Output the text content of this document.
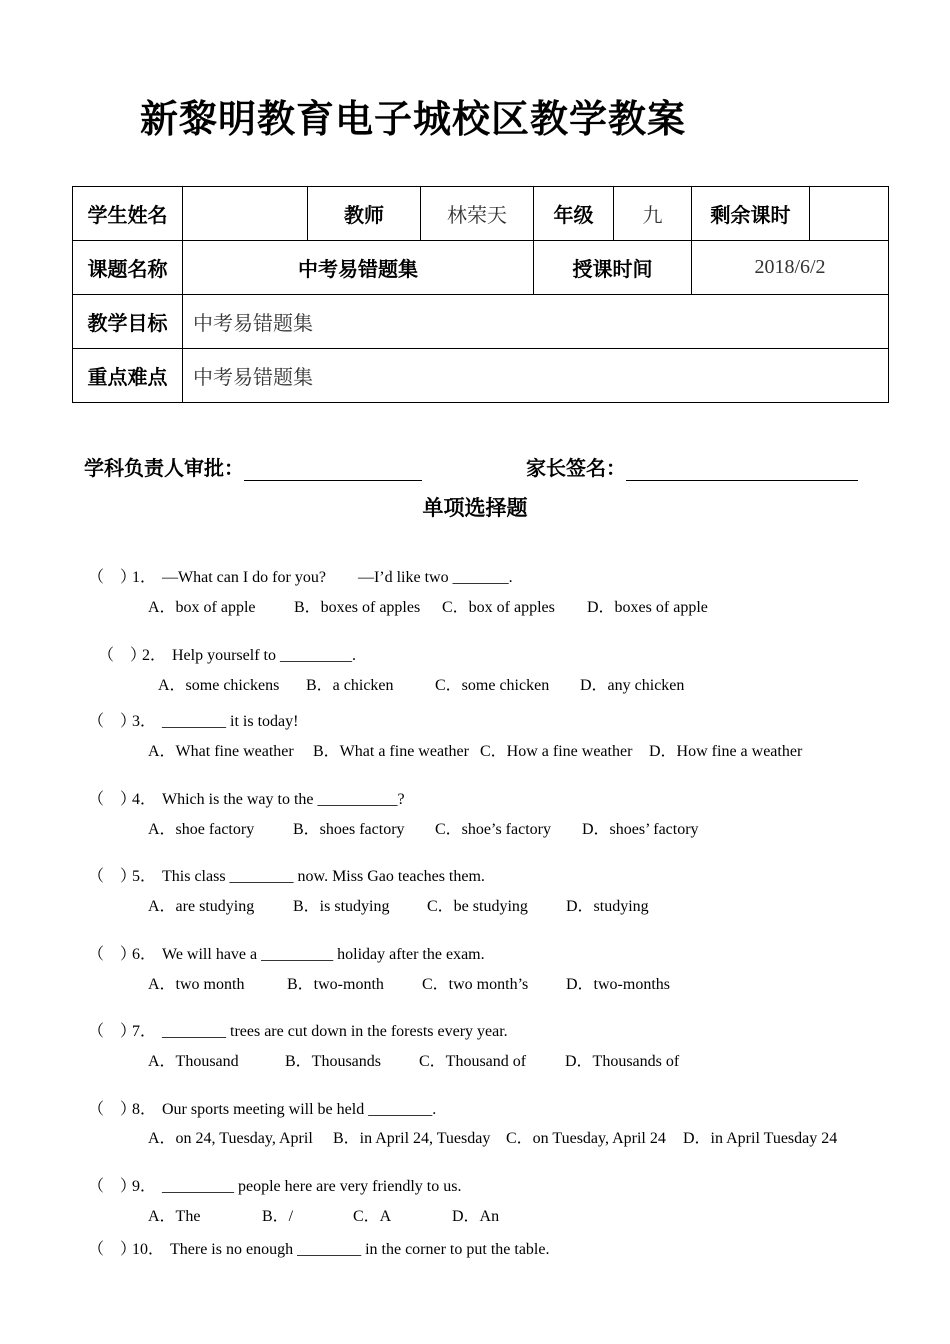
新黎明教育电子城校区教学教案
学生姓名		教师	林荣天	年级	九	剩余课时	
课题名称	中考易错题集			授课时间		2018/6/2	
教学目标	中考易错题集						
重点难点	中考易错题集						
学科负责人审批：	家长签名：
单项选择题
（　）1． —What can I do for you?　　—I’d like two _______.
A．box of apple B．boxes of apples C．box of apples D．boxes of apple
（　）2． Help yourself to _________.
A．some chickens B．a chicken	C．some chicken D．any chicken
（　）3． ________ it is today!
A．What fine weather B．What a fine weather C．How a fine weather D．How fine a weather
（　）4． Which is the way to the __________?
A．shoe factory B．shoes factory C．shoe’s factory D．shoes’ factory
（　）5． This class ________ now. Miss Gao teaches them.
A．are studying B．is studying C．be studying D．studying
（　）6． We will have a _________ holiday after the exam.
A．two month	B．two-month C．two month’s D．two-months
（　）7． ________ trees are cut down in the forests every year.
A．Thousand	B．Thousands C．Thousand of D．Thousands of
（　）8． Our sports meeting will be held ________.
A．on 24, Tuesday, April B．in April 24, Tuesday C．on Tuesday, April 24 D．in April Tuesday 24
（　）9． _________ people here are very friendly to us.
A．The	B．/	C．A	D．An
（　）10． There is no enough ________ in the corner to put the table.
